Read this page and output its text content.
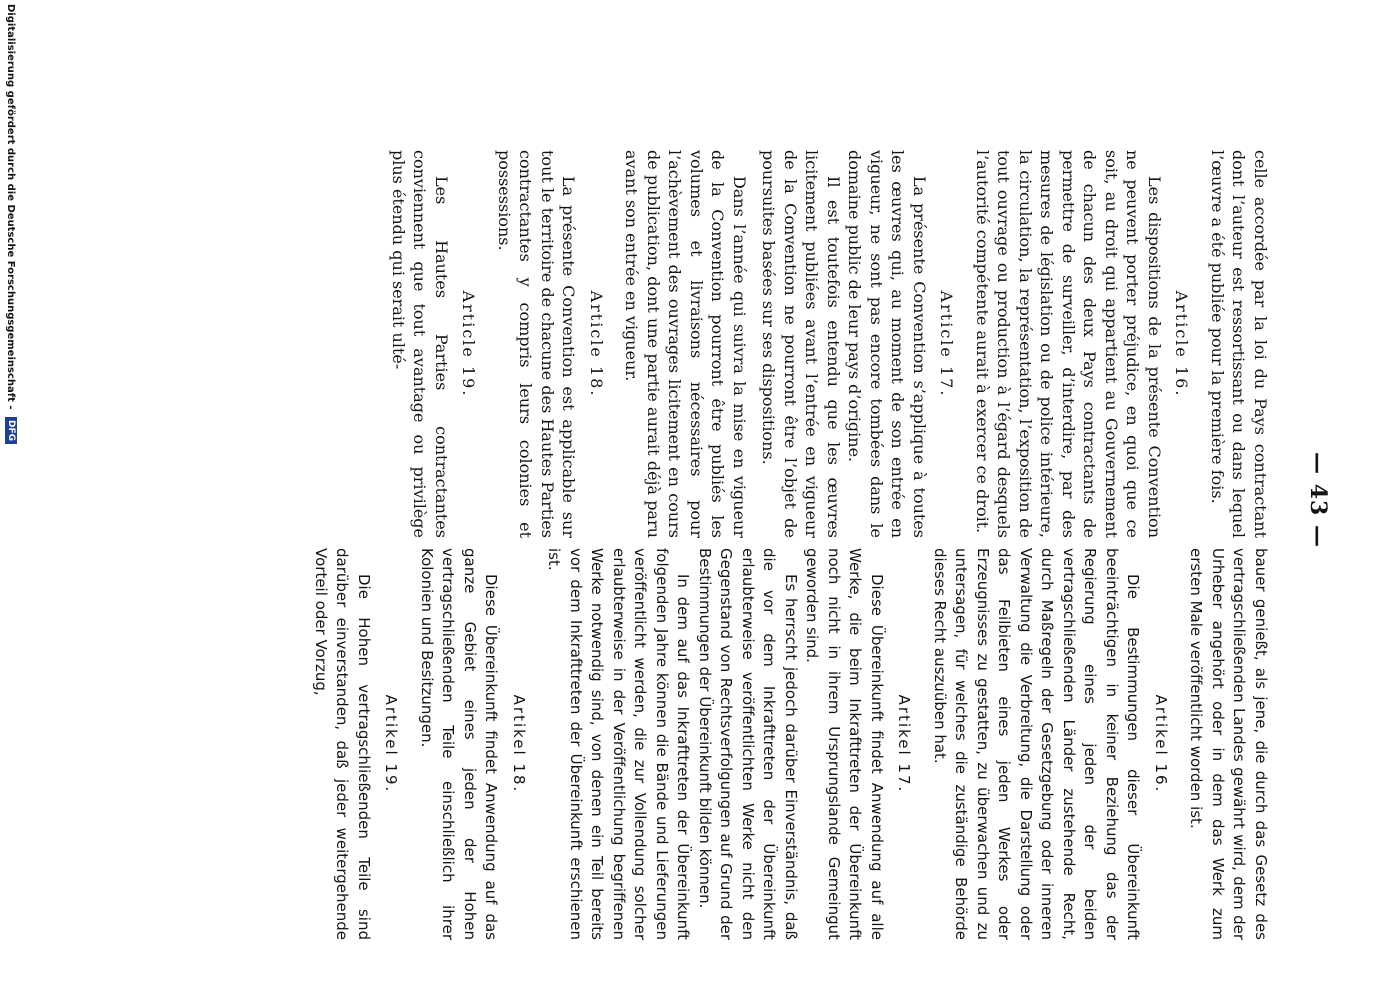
— 43 —

celle accordée par la loi du Pays contractant dont l’auteur est ressortissant ou dans lequel l’œuvre a été publiée pour la première fois.

Article 16.

Les dispositions de la présente Convention ne peuvent porter préjudice, en quoi que ce soit, au droit qui appartient au Gouvernement de chacun des deux Pays contractants de permettre de surveiller, d’interdire, par des mesures de législation ou de police intérieure, la circulation, la représentation, l’exposition de tout ouvrage ou production à l’égard desquels l’autorité compétente aurait à exercer ce droit.

Article 17.

La présente Convention s’applique à toutes les œuvres qui, au moment de son entrée en vigueur, ne sont pas encore tombées dans le domaine public de leur pays d’origine.

Il est toutefois entendu que les œuvres licitement publiées avant l’entrée en vigueur de la Convention ne pourront être l’objet de poursuites basées sur ses dispositions.

Dans l’année qui suivra la mise en vigueur de la Convention pourront être publiés les volumes et livraisons nécessaires pour l’achèvement des ouvrages licitement en cours de publication, dont une partie aurait déjà paru avant son entrée en vigueur.

Article 18.

La présente Convention est applicable sur tout le territoire de chacune des Hautes Parties contractantes y compris leurs colonies et possessions.

Article 19.

Les Hautes Parties contractantes conviennent que tout avantage ou privilège plus étendu qui serait ulté-

bauer genießt, als jene, die durch das Gesetz des vertragschließenden Landes gewährt wird, dem der Urheber angehört oder in dem das Werk zum ersten Male veröffentlicht worden ist.

Artikel 16.

Die Bestimmungen dieser Übereinkunft beeinträchtigen in keiner Beziehung das der Regierung eines jeden der beiden vertragschließenden Länder zustehende Recht, durch Maßregeln der Gesetzgebung oder inneren Verwaltung die Verbreitung, die Darstellung oder das Feilbieten eines jeden Werkes oder Erzeugnisses zu gestatten, zu überwachen und zu untersagen, für welches die zuständige Behörde dieses Recht auszuüben hat.

Artikel 17.

Diese Übereinkunft findet Anwendung auf alle Werke, die beim Inkrafttreten der Übereinkunft noch nicht in ihrem Ursprungslande Gemeingut geworden sind.

Es herrscht jedoch darüber Einverständnis, daß die vor dem Inkrafttreten der Übereinkunft erlaubterweise veröffentlichten Werke nicht den Gegenstand von Rechtsverfolgungen auf Grund der Bestimmungen der Übereinkunft bilden können.

In dem auf das Inkrafttreten der Übereinkunft folgenden Jahre können die Bände und Lieferungen veröffentlicht werden, die zur Vollendung solcher erlaubterweise in der Veröffentlichung begriffenen Werke notwendig sind, von denen ein Teil bereits vor dem Inkrafttreten der Übereinkunft erschienen ist.

Artikel 18.

Diese Übereinkunft findet Anwendung auf das ganze Gebiet eines jeden der Hohen vertragschließenden Teile einschließlich ihrer Kolonien und Besitzungen.

Artikel 19.

Die Hohen vertragschließenden Teile sind darüber einverstanden, daß jeder weitergehende Vorteil oder Vorzug,

Digitalisierung gefördert durch die Deutsche Forschungsgemeinschaft - DFG
